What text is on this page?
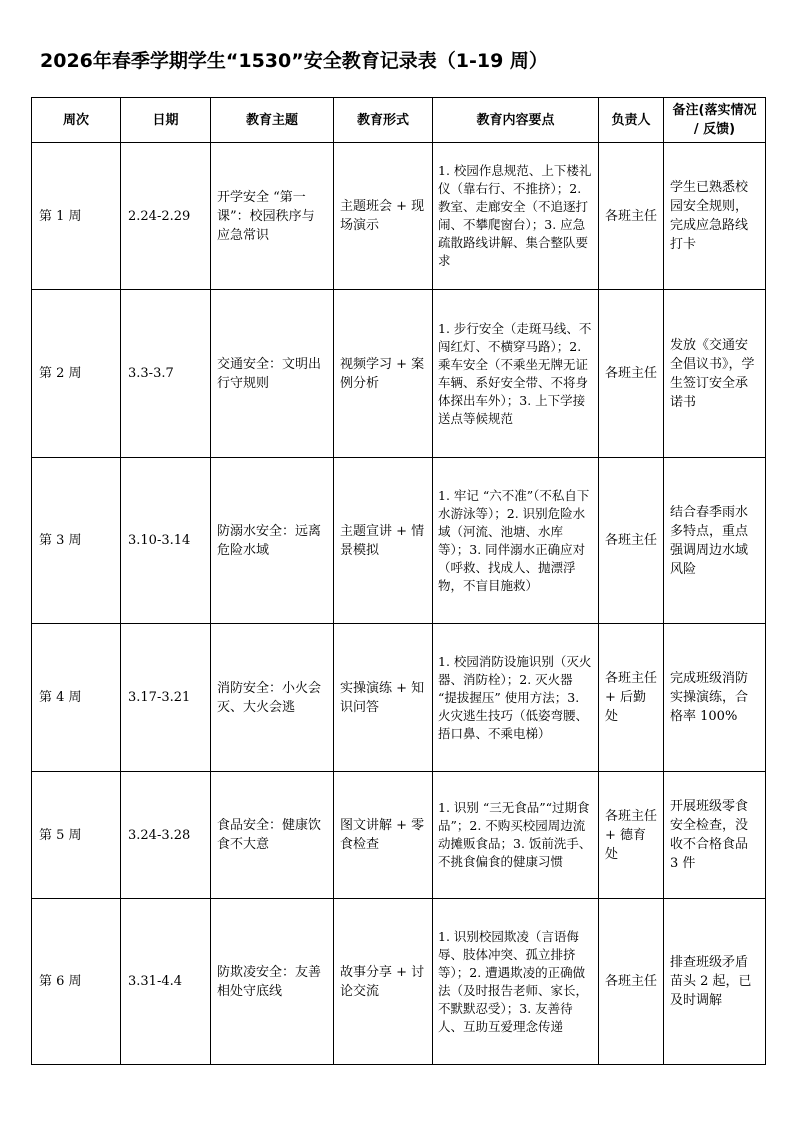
2026年春季学期学生“1530”安全教育记录表（1-19 周）
周次	日期	教育主题	教育形式	教育内容要点	负责人	备注(落实情况 / 反馈)
第 1 周	2.24-2.29	开学安全 “第一课”：校园秩序与应急常识	主题班会 + 现场演示	1. 校园作息规范、上下楼礼仪（靠右行、不推挤）；2. 教室、走廊安全（不追逐打闹、不攀爬窗台）；3. 应急疏散路线讲解、集合整队要求	各班主任	学生已熟悉校园安全规则，完成应急路线打卡
第 2 周	3.3-3.7	交通安全：文明出行守规则	视频学习 + 案例分析	1. 步行安全（走斑马线、不闯红灯、不横穿马路）；2. 乘车安全（不乘坐无牌无证车辆、系好安全带、不将身体探出车外）；3. 上下学接送点等候规范	各班主任	发放《交通安全倡议书》，学生签订安全承诺书
第 3 周	3.10-3.14	防溺水安全：远离危险水域	主题宣讲 + 情景模拟	1. 牢记 “六不准”（不私自下水游泳等）；2. 识别危险水域（河流、池塘、水库等）；3. 同伴溺水正确应对（呼救、找成人、抛漂浮物，不盲目施救）	各班主任	结合春季雨水多特点，重点强调周边水域风险
第 4 周	3.17-3.21	消防安全：小火会灭、大火会逃	实操演练 + 知识问答	1. 校园消防设施识别（灭火器、消防栓）；2. 灭火器 “提拔握压” 使用方法；3. 火灾逃生技巧（低姿弯腰、捂口鼻、不乘电梯）	各班主任 + 后勤处	完成班级消防实操演练，合格率 100%
第 5 周	3.24-3.28	食品安全：健康饮食不大意	图文讲解 + 零食检查	1. 识别 “三无食品”“过期食品”；2. 不购买校园周边流动摊贩食品；3. 饭前洗手、不挑食偏食的健康习惯	各班主任 + 德育处	开展班级零食安全检查，没收不合格食品 3 件
第 6 周	3.31-4.4	防欺凌安全：友善相处守底线	故事分享 + 讨论交流	1. 识别校园欺凌（言语侮辱、肢体冲突、孤立排挤等）；2. 遭遇欺凌的正确做法（及时报告老师、家长，不默默忍受）；3. 友善待人、互助互爱理念传递	各班主任	排查班级矛盾苗头 2 起，已及时调解
